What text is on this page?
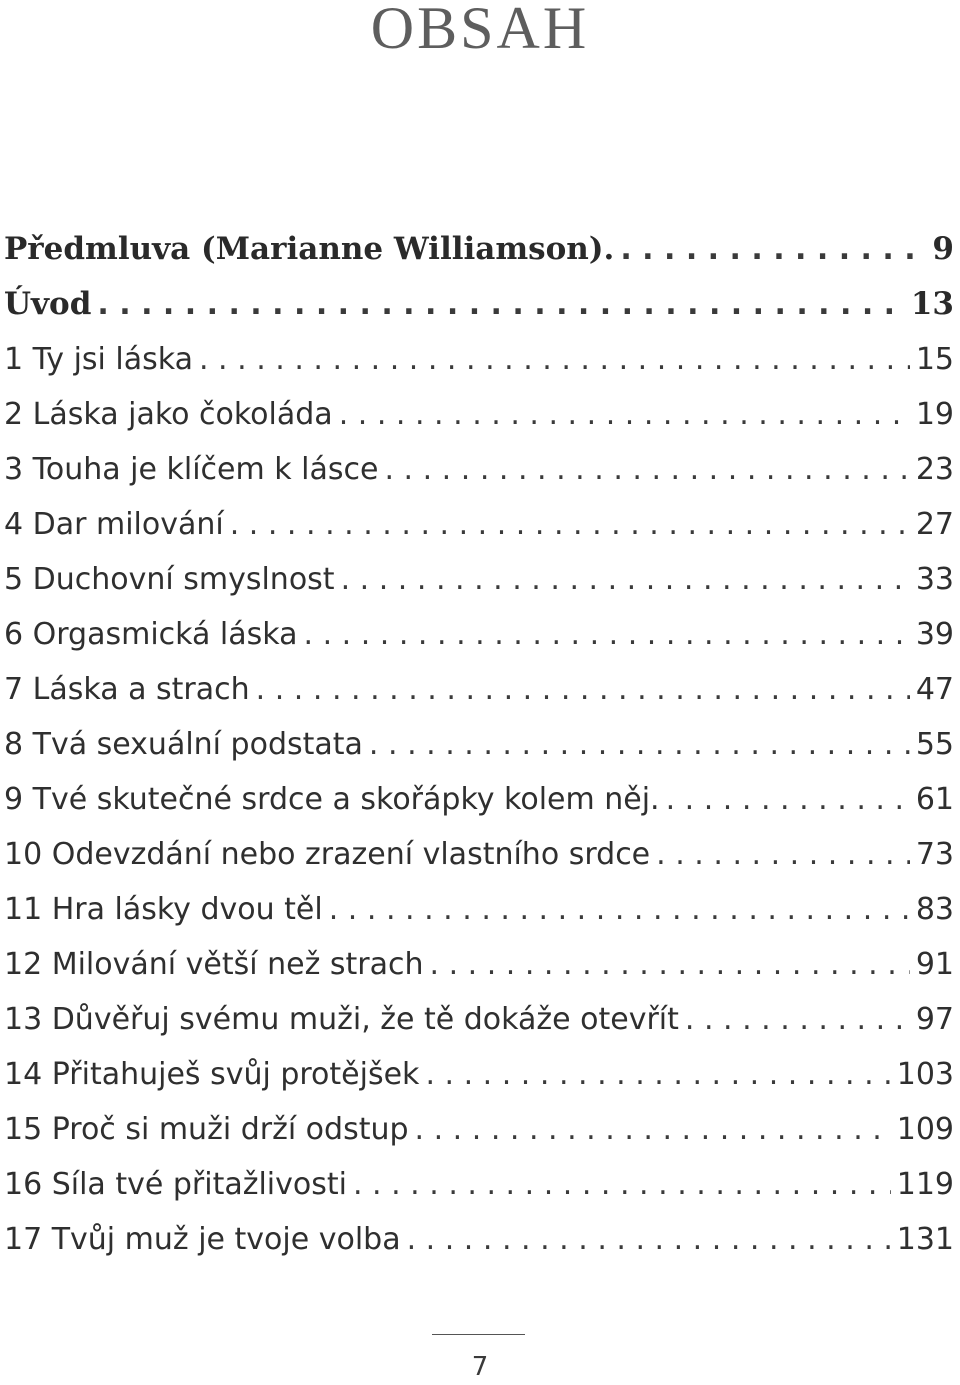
OBSAH
Předmluva (Marianne Williamson). . . .	9
Úvod . . .	13
1 Ty jsi láska . . .	15
2 Láska jako čokoláda . . .	19
3 Touha je klíčem k lásce . . .	23
4 Dar milování . . .	27
5 Duchovní smyslnost . . .	33
6 Orgasmická láska . . .	39
7 Láska a strach . . .	47
8 Tvá sexuální podstata . . .	55
9 Tvé skutečné srdce a skořápky kolem něj. . . .	61
10 Odevzdání nebo zrazení vlastního srdce . . .	73
11 Hra lásky dvou těl . . .	83
12 Milování větší než strach . . .	91
13 Důvěřuj svému muži, že tě dokáže otevřít . . .	97
14 Přitahuješ svůj protějšek . . .	103
15 Proč si muži drží odstup . . .	109
16 Síla tvé přitažlivosti . . .	119
17 Tvůj muž je tvoje volba . . .	131
7
